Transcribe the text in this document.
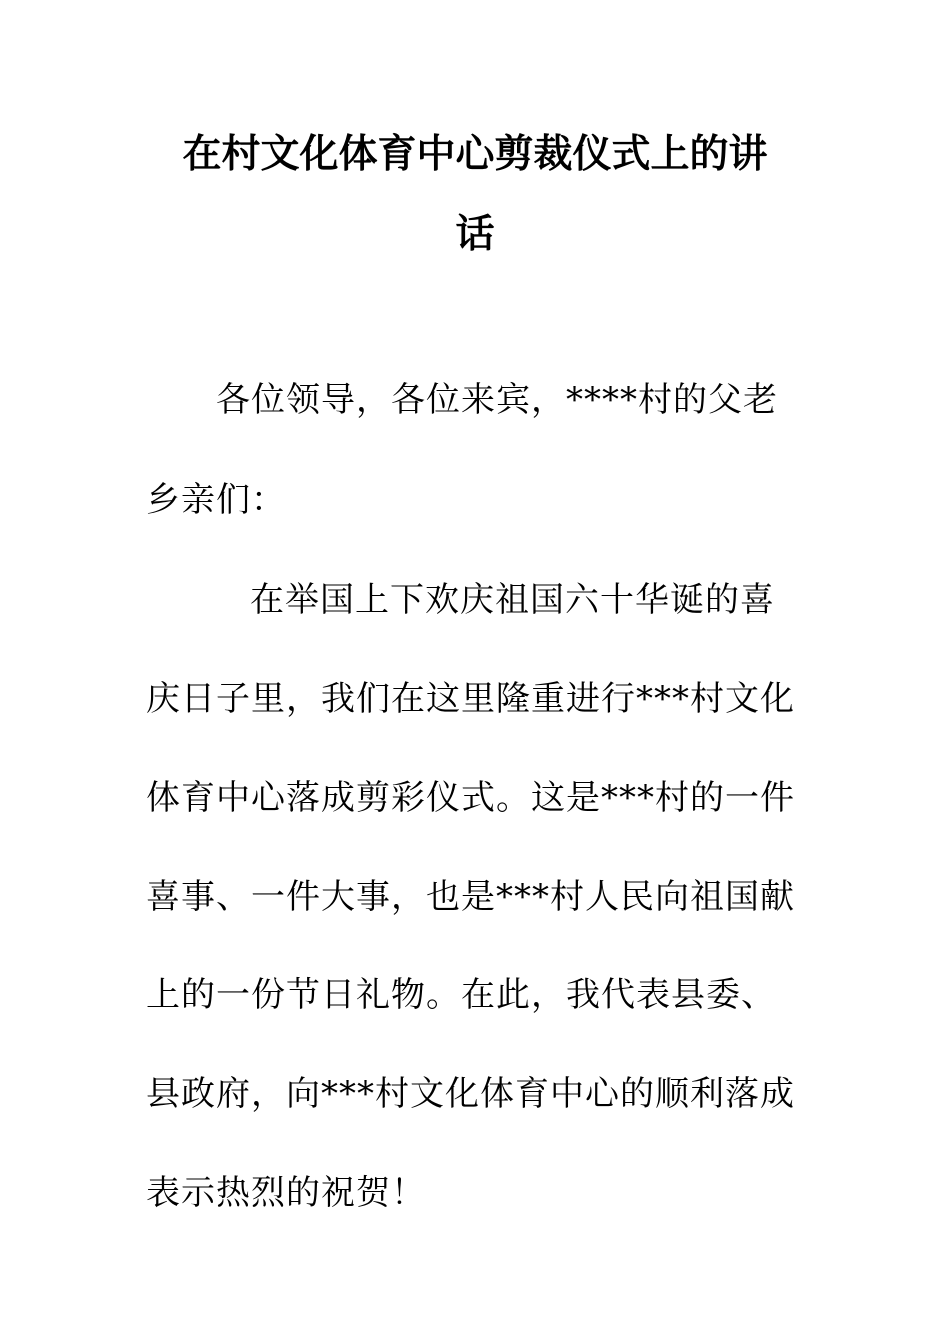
在村文化体育中心剪裁仪式上的讲
话
各位领导，各位来宾，****村的父老
乡亲们：
在举国上下欢庆祖国六十华诞的喜
庆日子里，我们在这里隆重进行***村文化
体育中心落成剪彩仪式。这是***村的一件
喜事、一件大事，也是***村人民向祖国献
上的一份节日礼物。在此，我代表县委、
县政府，向***村文化体育中心的顺利落成
表示热烈的祝贺！
